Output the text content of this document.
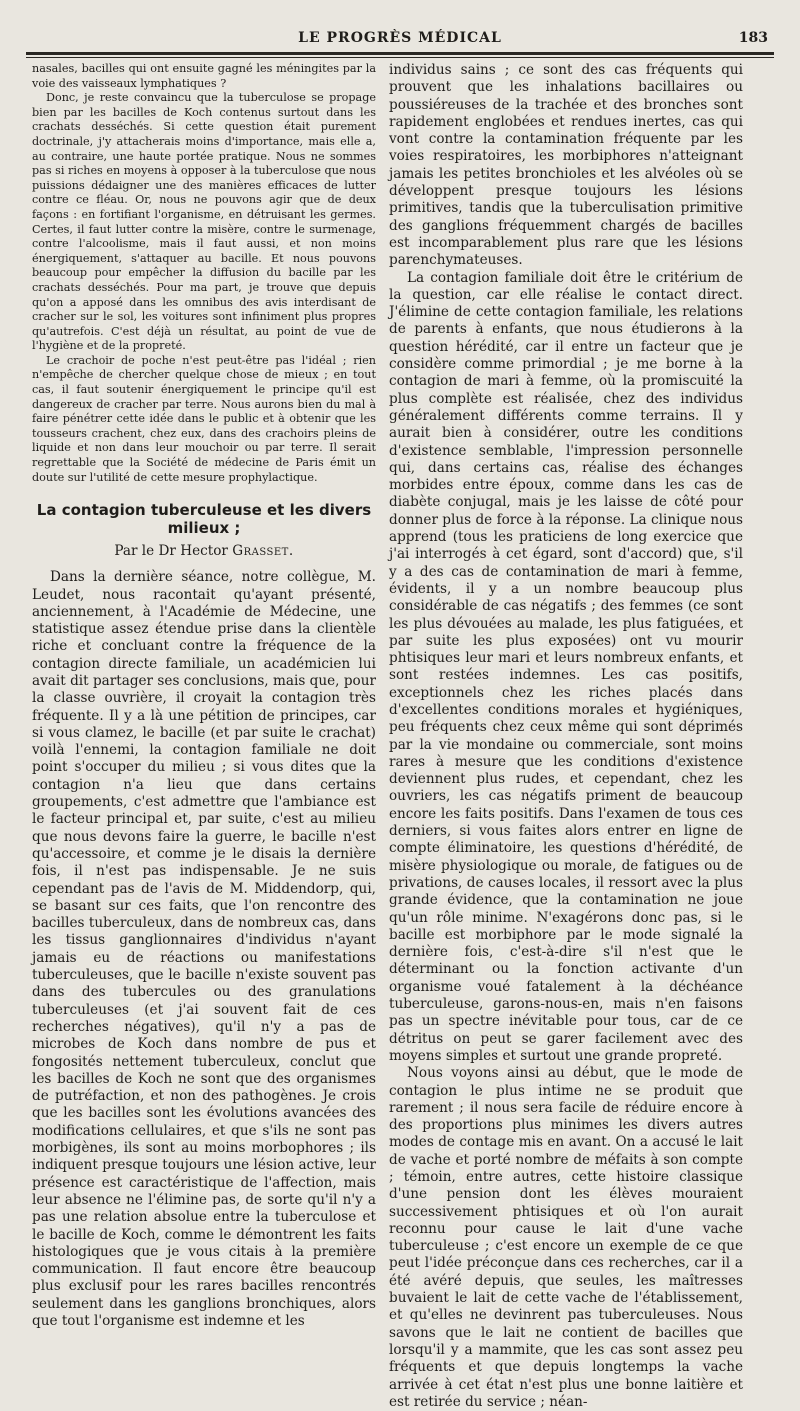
LE PROGRÈS MÉDICAL	183
nasales, bacilles qui ont ensuite gagné les méningites par la voie des vaisseaux lymphatiques ?
Donc, je reste convaincu que la tuberculose se propage bien par les bacilles de Koch contenus surtout dans les crachats desséchés. Si cette question était purement doctrinale, j'y attacherais moins d'importance, mais elle a, au contraire, une haute portée pratique. Nous ne sommes pas si riches en moyens à opposer à la tuberculose que nous puissions dédaigner une des manières efficaces de lutter contre ce fléau. Or, nous ne pouvons agir que de deux façons : en fortifiant l'organisme, en détruisant les germes. Certes, il faut lutter contre la misère, contre le surmenage, contre l'alcoolisme, mais il faut aussi, et non moins énergiquement, s'attaquer au bacille. Et nous pouvons beaucoup pour empêcher la diffusion du bacille par les crachats desséchés. Pour ma part, je trouve que depuis qu'on a apposé dans les omnibus des avis interdisant de cracher sur le sol, les voitures sont infiniment plus propres qu'autrefois. C'est déjà un résultat, au point de vue de l'hygiène et de la propreté.
Le crachoir de poche n'est peut-être pas l'idéal ; rien n'empêche de chercher quelque chose de mieux ; en tout cas, il faut soutenir énergiquement le principe qu'il est dangereux de cracher par terre. Nous aurons bien du mal à faire pénétrer cette idée dans le public et à obtenir que les tousseurs crachent, chez eux, dans des crachoirs pleins de liquide et non dans leur mouchoir ou par terre. Il serait regrettable que la Société de médecine de Paris émit un doute sur l'utilité de cette mesure prophylactique.
La contagion tuberculeuse et les divers milieux ;
Par le Dr Hector Grasset.
Dans la dernière séance, notre collègue, M. Leudet, nous racontait qu'ayant présenté, anciennement, à l'Académie de Médecine, une statistique assez étendue prise dans la clientèle riche et concluant contre la fréquence de la contagion directe familiale, un académicien lui avait dit partager ses conclusions, mais que, pour la classe ouvrière, il croyait la contagion très fréquente. Il y a là une pétition de principes, car si vous clamez, le bacille (et par suite le crachat) voilà l'ennemi, la contagion familiale ne doit point s'occuper du milieu ; si vous dites que la contagion n'a lieu que dans certains groupements, c'est admettre que l'ambiance est le facteur principal et, par suite, c'est au milieu que nous devons faire la guerre, le bacille n'est qu'accessoire, et comme je le disais la dernière fois, il n'est pas indispensable. Je ne suis cependant pas de l'avis de M. Middendorp, qui, se basant sur ces faits, que l'on rencontre des bacilles tuberculeux, dans de nombreux cas, dans les tissus ganglionnaires d'individus n'ayant jamais eu de réactions ou manifestations tuberculeuses, que le bacille n'existe souvent pas dans des tubercules ou des granulations tuberculeuses (et j'ai souvent fait de ces recherches négatives), qu'il n'y a pas de microbes de Koch dans nombre de pus et fongosités nettement tuberculeux, conclut que les bacilles de Koch ne sont que des organismes de putréfaction, et non des pathogènes. Je crois que les bacilles sont les évolutions avancées des modifications cellulaires, et que s'ils ne sont pas morbigènes, ils sont au moins morbophores ; ils indiquent presque toujours une lésion active, leur présence est caractéristique de l'affection, mais leur absence ne l'élimine pas, de sorte qu'il n'y a pas une relation absolue entre la tuberculose et le bacille de Koch, comme le démontrent les faits histologiques que je vous citais à la première communication. Il faut encore être beaucoup plus exclusif pour les rares bacilles rencontrés seulement dans les ganglions bronchiques, alors que tout l'organisme est indemne et les
individus sains ; ce sont des cas fréquents qui prouvent que les inhalations bacillaires ou poussiéreuses de la trachée et des bronches sont rapidement englobées et rendues inertes, cas qui vont contre la contamination fréquente par les voies respiratoires, les morbiphores n'atteignant jamais les petites bronchioles et les alvéoles où se développent presque toujours les lésions primitives, tandis que la tuberculisation primitive des ganglions fréquemment chargés de bacilles est incomparablement plus rare que les lésions parenchymateuses.
La contagion familiale doit être le critérium de la question, car elle réalise le contact direct. J'élimine de cette contagion familiale, les relations de parents à enfants, que nous étudierons à la question hérédité, car il entre un facteur que je considère comme primordial ; je me borne à la contagion de mari à femme, où la promiscuité la plus complète est réalisée, chez des individus généralement différents comme terrains. Il y aurait bien à considérer, outre les conditions d'existence semblable, l'impression personnelle qui, dans certains cas, réalise des échanges morbides entre époux, comme dans les cas de diabète conjugal, mais je les laisse de côté pour donner plus de force à la réponse. La clinique nous apprend (tous les praticiens de long exercice que j'ai interrogés à cet égard, sont d'accord) que, s'il y a des cas de contamination de mari à femme, évidents, il y a un nombre beaucoup plus considérable de cas négatifs ; des femmes (ce sont les plus dévouées au malade, les plus fatiguées, et par suite les plus exposées) ont vu mourir phtisiques leur mari et leurs nombreux enfants, et sont restées indemnes. Les cas positifs, exceptionnels chez les riches placés dans d'excellentes conditions morales et hygiéniques, peu fréquents chez ceux même qui sont déprimés par la vie mondaine ou commerciale, sont moins rares à mesure que les conditions d'existence deviennent plus rudes, et cependant, chez les ouvriers, les cas négatifs priment de beaucoup encore les faits positifs. Dans l'examen de tous ces derniers, si vous faites alors entrer en ligne de compte éliminatoire, les questions d'hérédité, de misère physiologique ou morale, de fatigues ou de privations, de causes locales, il ressort avec la plus grande évidence, que la contamination ne joue qu'un rôle minime. N'exagérons donc pas, si le bacille est morbiphore par le mode signalé la dernière fois, c'est-à-dire s'il n'est que le déterminant ou la fonction activante d'un organisme voué fatalement à la déchéance tuberculeuse, garons-nous-en, mais n'en faisons pas un spectre inévitable pour tous, car de ce détritus on peut se garer facilement avec des moyens simples et surtout une grande propreté.
Nous voyons ainsi au début, que le mode de contagion le plus intime ne se produit que rarement ; il nous sera facile de réduire encore à des proportions plus minimes les divers autres modes de contage mis en avant. On a accusé le lait de vache et porté nombre de méfaits à son compte ; témoin, entre autres, cette histoire classique d'une pension dont les élèves mouraient successivement phtisiques et où l'on aurait reconnu pour cause le lait d'une vache tuberculeuse ; c'est encore un exemple de ce que peut l'idée préconçue dans ces recherches, car il a été avéré depuis, que seules, les maîtresses buvaient le lait de cette vache de l'établissement, et qu'elles ne devinrent pas tuberculeuses. Nous savons que le lait ne contient de bacilles que lorsqu'il y a mammite, que les cas sont assez peu fréquents et que depuis longtemps la vache arrivée à cet état n'est plus une bonne laitière et est retirée du service ; néan-
